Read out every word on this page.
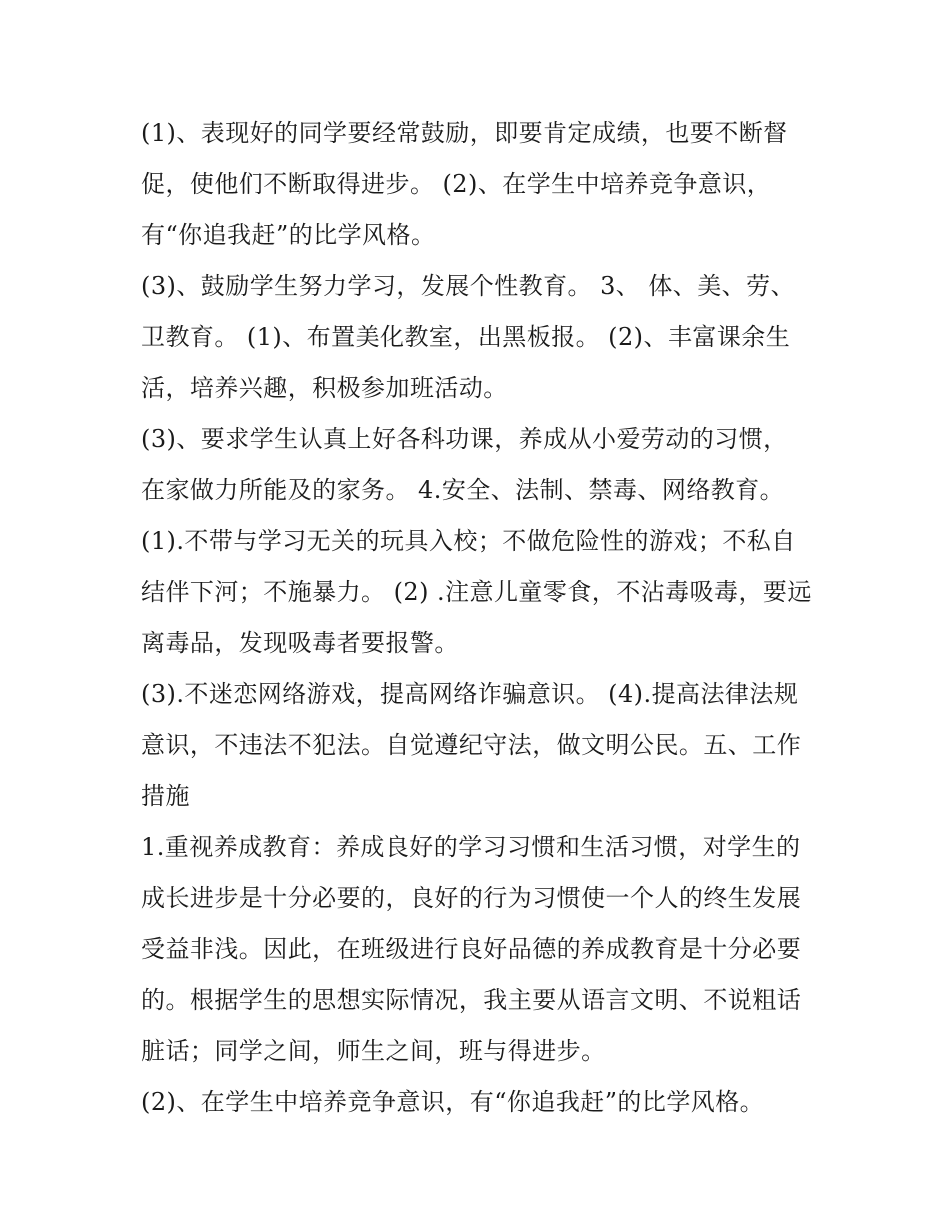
(1)、表现好的同学要经常鼓励，即要肯定成绩，也要不断督
促，使他们不断取得进步。 (2)、在学生中培养竞争意识，
有“你追我赶”的比学风格。
(3)、鼓励学生努力学习，发展个性教育。 3、 体、美、劳、
卫教育。 (1)、布置美化教室，出黑板报。 (2)、丰富课余生
活，培养兴趣，积极参加班活动。
(3)、要求学生认真上好各科功课，养成从小爱劳动的习惯，
在家做力所能及的家务。 4.安全、法制、禁毒、网络教育。
(1).不带与学习无关的玩具入校；不做危险性的游戏；不私自
结伴下河；不施暴力。 (2) .注意儿童零食，不沾毒吸毒，要远
离毒品，发现吸毒者要报警。
(3).不迷恋网络游戏，提高网络诈骗意识。 (4).提高法律法规
意识，不违法不犯法。自觉遵纪守法，做文明公民。五、工作
措施
1.重视养成教育：养成良好的学习习惯和生活习惯，对学生的
成长进步是十分必要的，良好的行为习惯使一个人的终生发展
受益非浅。因此，在班级进行良好品德的养成教育是十分必要
的。根据学生的思想实际情况，我主要从语言文明、不说粗话
脏话；同学之间，师生之间，班与得进步。
(2)、在学生中培养竞争意识，有“你追我赶”的比学风格。
